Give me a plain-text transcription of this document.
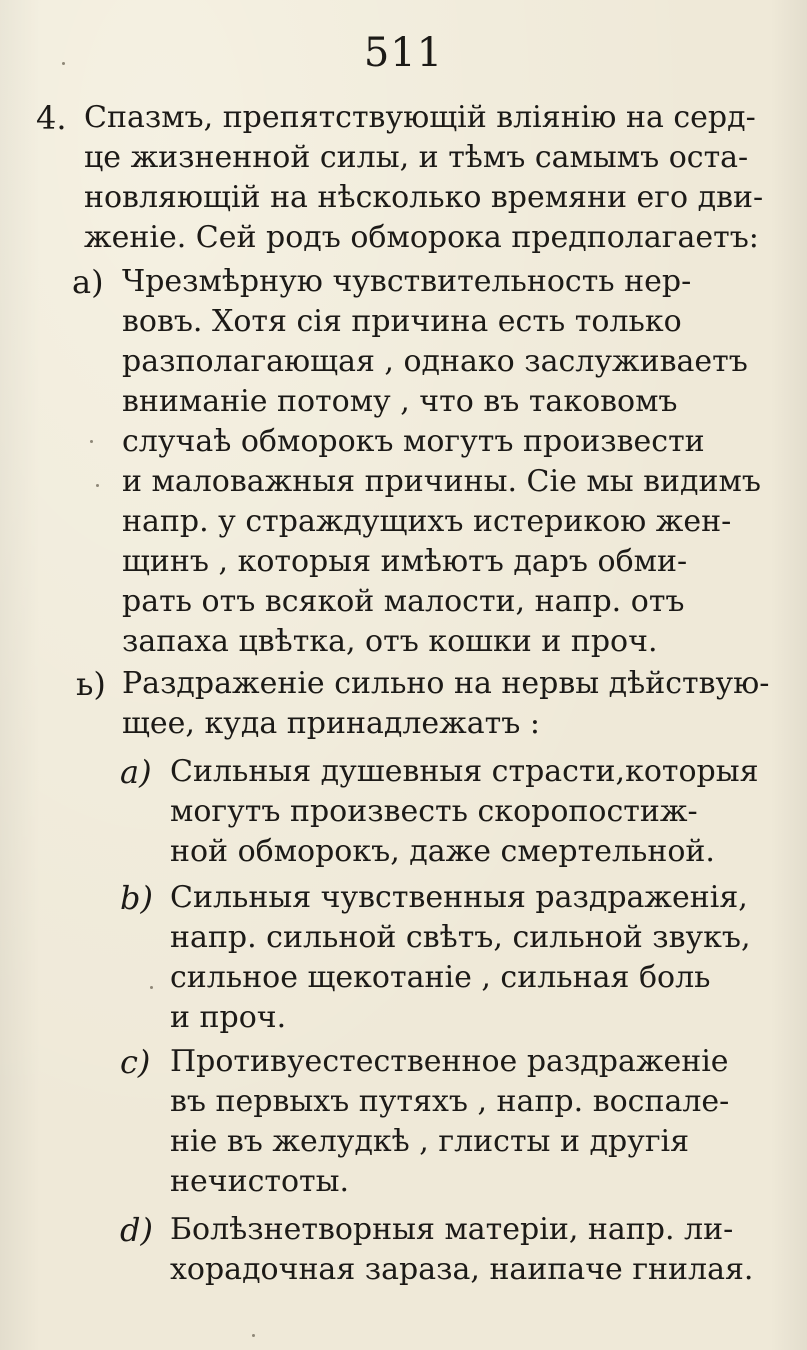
511
4. Спазмъ, препятствующій вліянію на серд-
це жизненной силы, и тѣмъ самымъ оста-
новляющій на нѣсколько времяни его дви-
женіе. Сей родъ обморока предполагаетъ:
а) Чрезмѣрную чувствительность нер-
вовъ. Хотя сія причина есть только
разполагающая , однако заслуживаетъ
вниманіе потому , что въ таковомъ
случаѣ обморокъ могутъ произвести
и маловажныя причины. Сіе мы видимъ
напр. у страждущихъ истерикою жен-
щинъ , которыя имѣютъ даръ обми-
рать отъ всякой малости, напр. отъ
запаха цвѣтка, отъ кошки и проч.
ь) Раздраженіе сильно на нервы дѣйствую-
щее, куда принадлежатъ :
a) Сильныя душевныя страсти,которыя
могутъ произвесть скоропостиж-
ной обморокъ, даже смертельной.
b) Сильныя чувственныя раздраженія,
напр. сильной свѣтъ, сильной звукъ,
сильное щекотаніе , сильная боль
и проч.
c) Противуестественное раздраженіе
въ первыхъ путяхъ , напр. воспале-
ніе въ желудкѣ , глисты и другія
нечистоты.
d) Болѣзнетворныя матеріи, напр. ли-
хорадочная зараза, наипаче гнилая.
